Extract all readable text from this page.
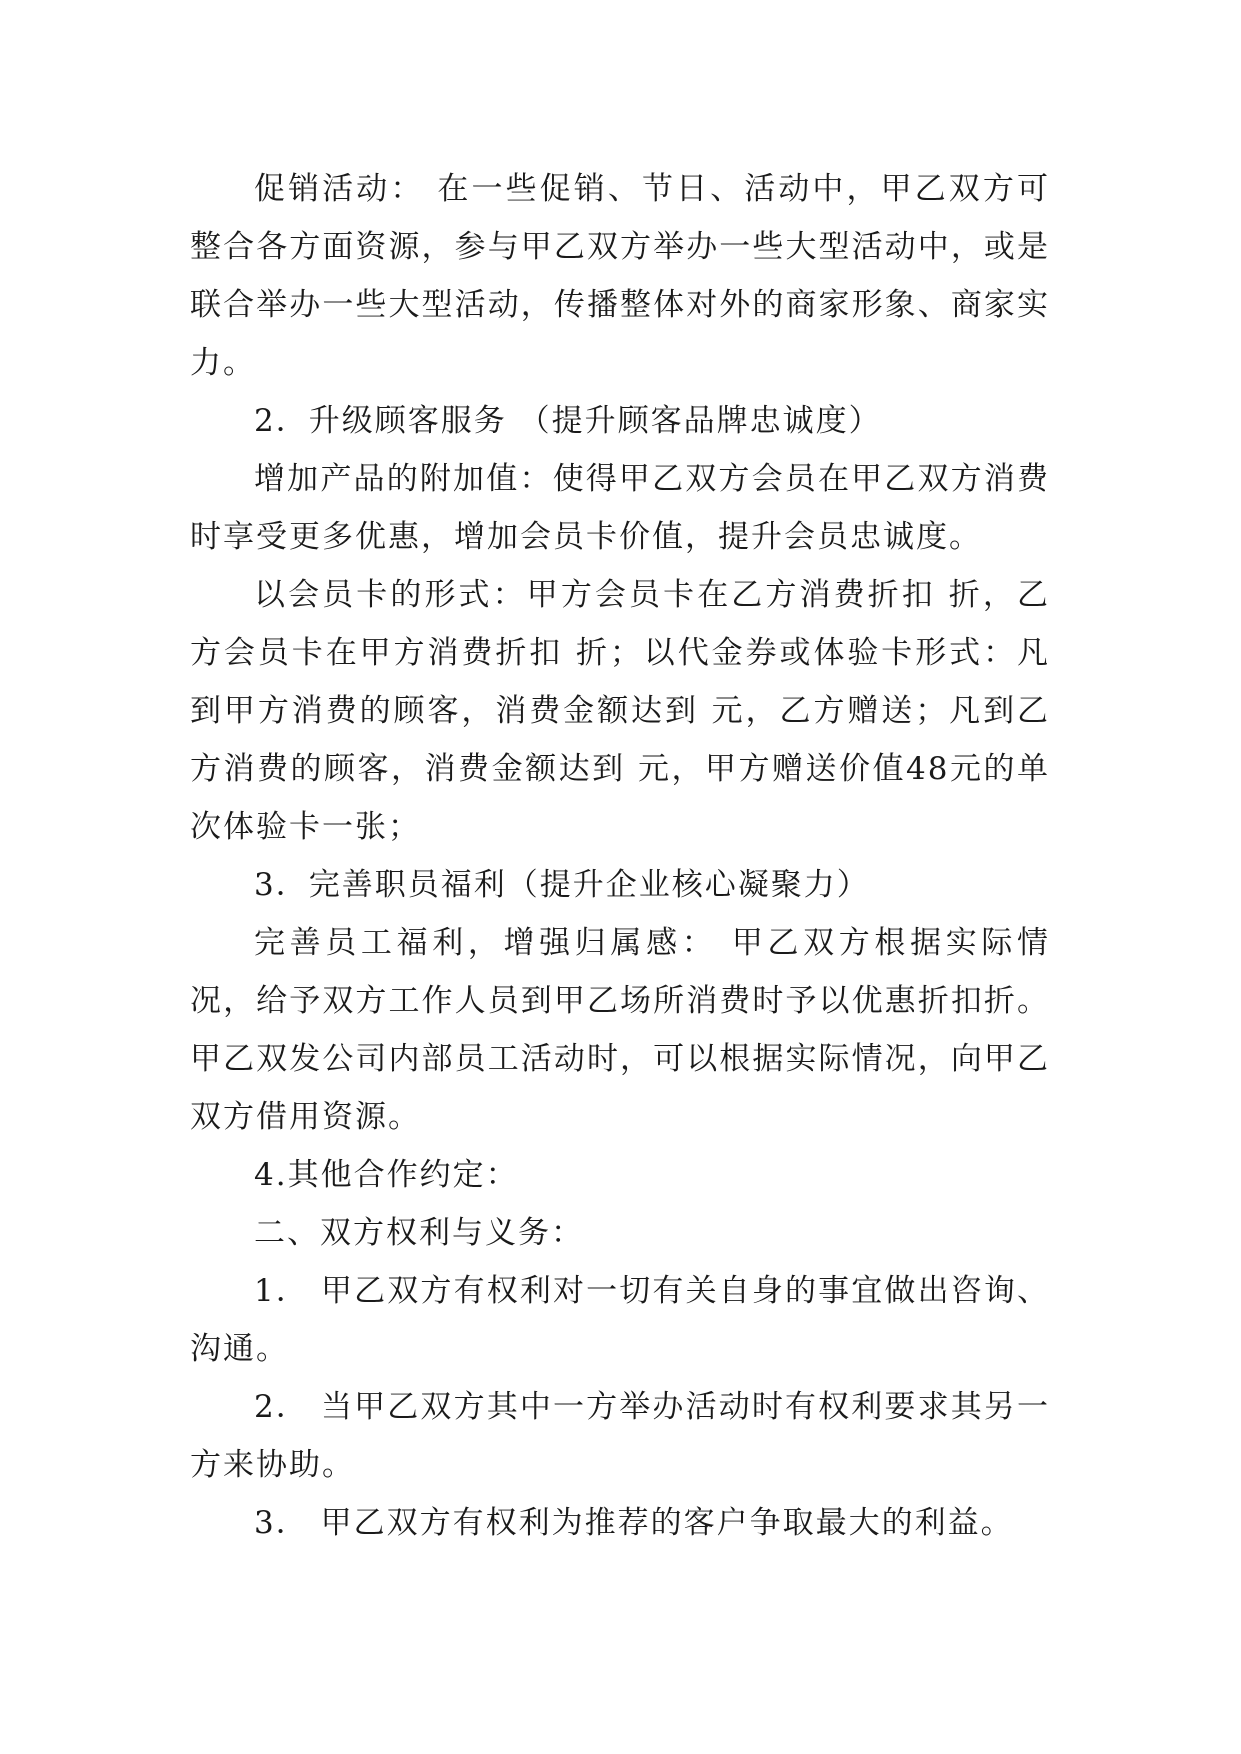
促销活动： 在一些促销、节日、活动中，甲乙双方可整合各方面资源，参与甲乙双方举办一些大型活动中，或是联合举办一些大型活动，传播整体对外的商家形象、商家实力。

2．升级顾客服务 （提升顾客品牌忠诚度）

增加产品的附加值：使得甲乙双方会员在甲乙双方消费时享受更多优惠，增加会员卡价值，提升会员忠诚度。

以会员卡的形式：甲方会员卡在乙方消费折扣 折，乙方会员卡在甲方消费折扣 折；以代金券或体验卡形式：凡到甲方消费的顾客，消费金额达到 元，乙方赠送；凡到乙方消费的顾客，消费金额达到 元，甲方赠送价值48元的单次体验卡一张；

3．完善职员福利（提升企业核心凝聚力）

完善员工福利，增强归属感： 甲乙双方根据实际情况，给予双方工作人员到甲乙场所消费时予以优惠折扣折。甲乙双发公司内部员工活动时，可以根据实际情况，向甲乙双方借用资源。

4.其他合作约定：

二、双方权利与义务：

1． 甲乙双方有权利对一切有关自身的事宜做出咨询、沟通。

2． 当甲乙双方其中一方举办活动时有权利要求其另一方来协助。

3． 甲乙双方有权利为推荐的客户争取最大的利益。
